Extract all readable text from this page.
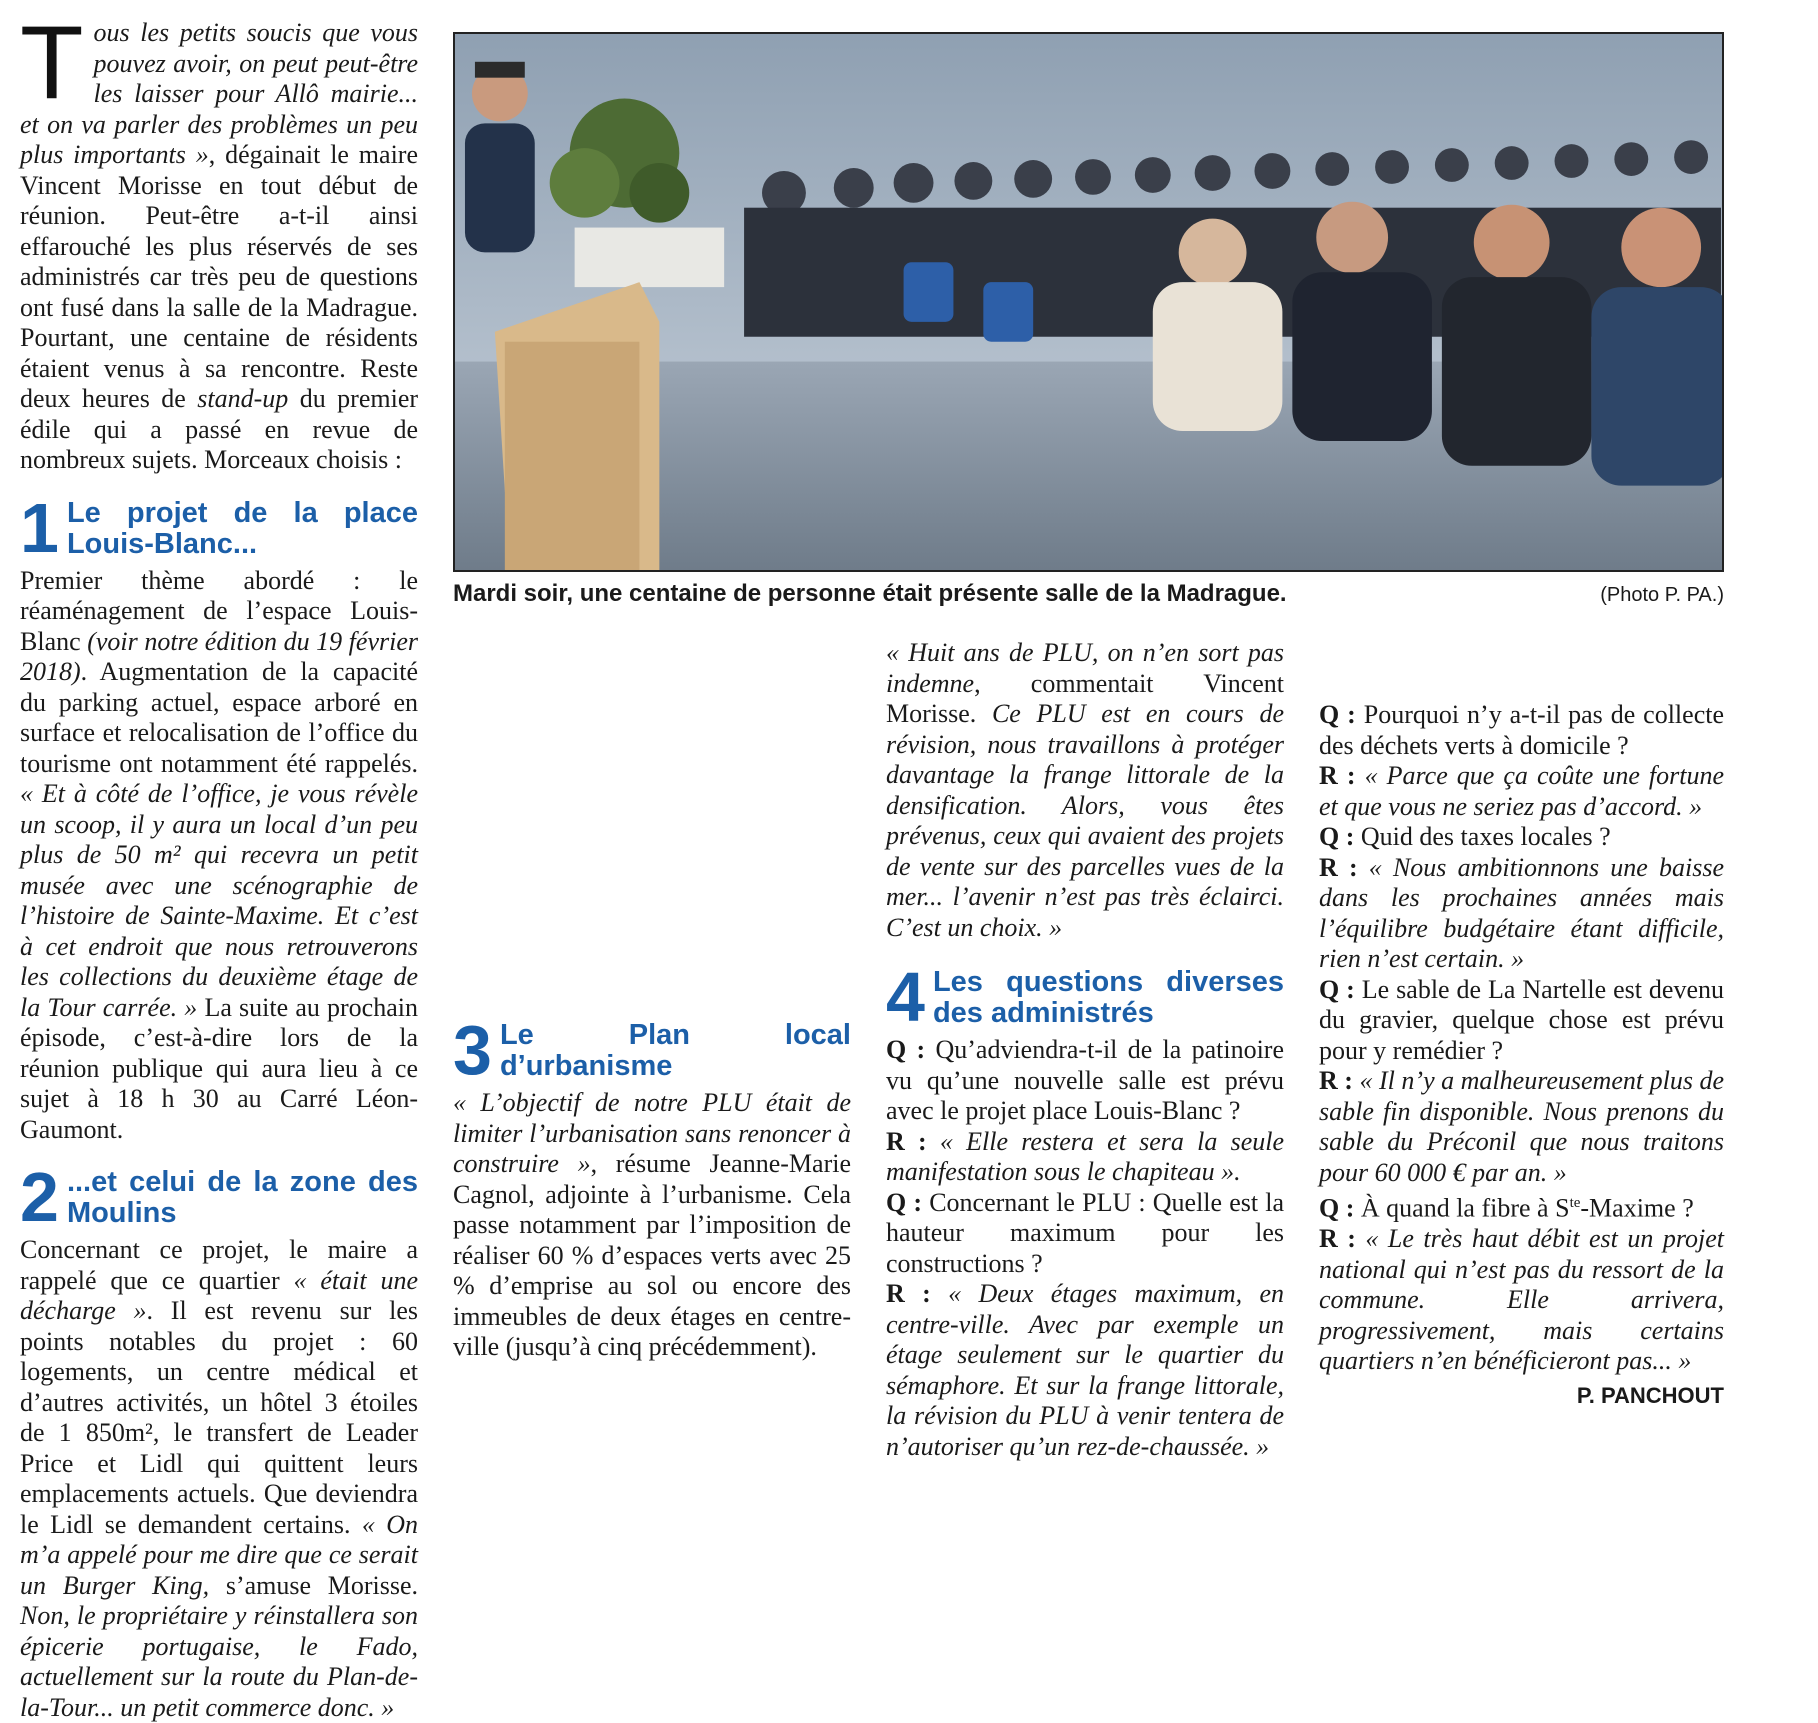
Tous les petits soucis que vous pouvez avoir, on peut peut-être les laisser pour Allô mairie... et on va parler des problèmes un peu plus importants », dégainait le maire Vincent Morisse en tout début de réunion. Peut-être a-t-il ainsi effarouché les plus réservés de ses administrés car très peu de questions ont fusé dans la salle de la Madrague. Pourtant, une centaine de résidents étaient venus à sa rencontre. Reste deux heures de stand-up du premier édile qui a passé en revue de nombreux sujets. Morceaux choisis :

1 Le projet de la place Louis-Blanc...

Premier thème abordé : le réaménagement de l’espace Louis-Blanc (voir notre édition du 19 février 2018). Augmentation de la capacité du parking actuel, espace arboré en surface et relocalisation de l’office du tourisme ont notamment été rappelés. « Et à côté de l’office, je vous révèle un scoop, il y aura un local d’un peu plus de 50 m² qui recevra un petit musée avec une scénographie de l’histoire de Sainte-Maxime. Et c’est à cet endroit que nous retrouverons les collections du deuxième étage de la Tour carrée. » La suite au prochain épisode, c’est-à-dire lors de la réunion publique qui aura lieu à ce sujet à 18 h 30 au Carré Léon-Gaumont.

2 ...et celui de la zone des Moulins

Concernant ce projet, le maire a rappelé que ce quartier « était une décharge ». Il est revenu sur les points notables du projet : 60 logements, un centre médical et d’autres activités, un hôtel 3 étoiles de 1 850m², le transfert de Leader Price et Lidl qui quittent leurs emplacements actuels. Que deviendra le Lidl se demandent certains. « On m’a appelé pour me dire que ce serait un Burger King, s’amuse Morisse. Non, le propriétaire y réinstallera son épicerie portugaise, le Fado, actuellement sur la route du Plan-de-la-Tour... un petit commerce donc. »

Mardi soir, une centaine de personne était présente salle de la Madrague.	(Photo P. PA.)
3 Le Plan local d’urbanisme

« L’objectif de notre PLU était de limiter l’urbanisation sans renoncer à construire », résume Jeanne-Marie Cagnol, adjointe à l’urbanisme. Cela passe notamment par l’imposition de réaliser 60 % d’espaces verts avec 25 % d’emprise au sol ou encore des immeubles de deux étages en centre-ville (jusqu’à cinq précédemment).

« Huit ans de PLU, on n’en sort pas indemne, commentait Vincent Morisse. Ce PLU est en cours de révision, nous travaillons à protéger davantage la frange littorale de la densification. Alors, vous êtes prévenus, ceux qui avaient des projets de vente sur des parcelles vues de la mer... l’avenir n’est pas très éclairci. C’est un choix. »

4 Les questions diverses des administrés

Q : Qu’adviendra-t-il de la patinoire vu qu’une nouvelle salle est prévu avec le projet place Louis-Blanc ?

R : « Elle restera et sera la seule manifestation sous le chapiteau ».

Q : Concernant le PLU : Quelle est la hauteur maximum pour les constructions ?

R : « Deux étages maximum, en centre-ville. Avec par exemple un étage seulement sur le quartier du sémaphore. Et sur la frange littorale, la révision du PLU à venir tentera de n’autoriser qu’un rez-de-chaussée. »

Q : Pourquoi n’y a-t-il pas de collecte des déchets verts à domicile ?

R : « Parce que ça coûte une fortune et que vous ne seriez pas d’accord. »

Q : Quid des taxes locales ?

R : « Nous ambitionnons une baisse dans les prochaines années mais l’équilibre budgétaire étant difficile, rien n’est certain. »

Q : Le sable de La Nartelle est devenu du gravier, quelque chose est prévu pour y remédier ?

R : « Il n’y a malheureusement plus de sable fin disponible. Nous prenons du sable du Préconil que nous traitons pour 60 000 € par an. »

Q : À quand la fibre à $S^{te}$-Maxime ?

R : « Le très haut débit est un projet national qui n’est pas du ressort de la commune. Elle arrivera, progressivement, mais certains quartiers n’en bénéficieront pas... »

P. PANCHOUT
